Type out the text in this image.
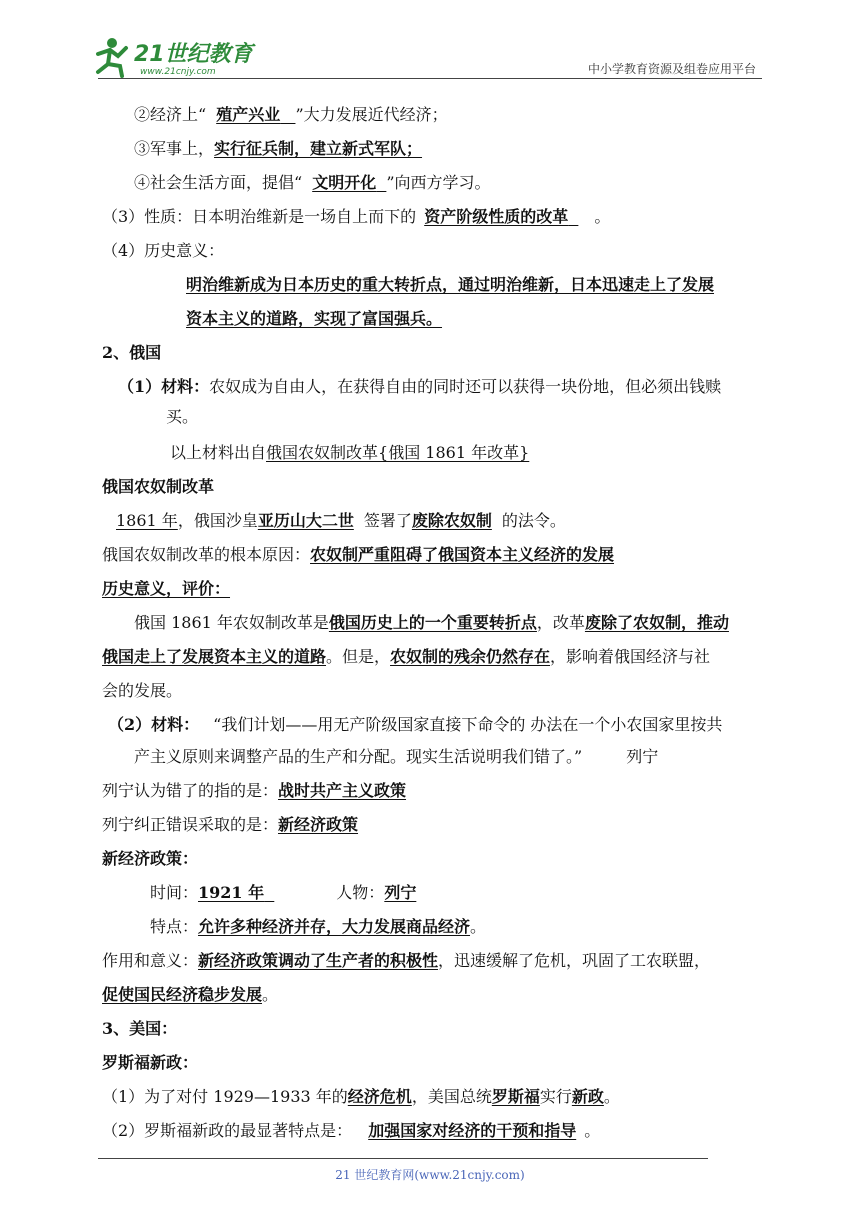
21世纪教育
www.21cnjy.com	中小学教育资源及组卷应用平台
②经济上“ 殖产兴业 ”大力发展近代经济；
③军事上，实行征兵制，建立新式军队；
④社会生活方面，提倡“ 文明开化 ”向西方学习。
（3）性质：日本明治维新是一场自上而下的 资产阶级性质的改革 。
（4）历史意义：
明治维新成为日本历史的重大转折点，通过明治维新，日本迅速走上了发展
资本主义的道路，实现了富国强兵。
2、俄国
（1）材料：农奴成为自由人，在获得自由的同时还可以获得一块份地，但必须出钱赎
买。
以上材料出自俄国农奴制改革{俄国 1861 年改革}
俄国农奴制改革
1861 年，俄国沙皇亚历山大二世 签署了废除农奴制 的法令。
俄国农奴制改革的根本原因：农奴制严重阻碍了俄国资本主义经济的发展
历史意义，评价：
俄国 1861 年农奴制改革是俄国历史上的一个重要转折点，改革废除了农奴制，推动
俄国走上了发展资本主义的道路。但是，农奴制的残余仍然存在，影响着俄国经济与社
会的发展。
（2）材料： “我们计划——用无产阶级国家直接下命令的 办法在一个小农国家里按共
产主义原则来调整产品的生产和分配。现实生活说明我们错了。”	列宁
列宁认为错了的指的是：战时共产主义政策
列宁纠正错误采取的是：新经济政策
新经济政策：
时间：1921 年	人物：列宁
特点：允许多种经济并存，大力发展商品经济。
作用和意义：新经济政策调动了生产者的积极性，迅速缓解了危机，巩固了工农联盟，
促使国民经济稳步发展。
3、美国：
罗斯福新政：
（1）为了对付 1929—1933 年的经济危机，美国总统罗斯福实行新政。
（2）罗斯福新政的最显著特点是： 加强国家对经济的干预和指导 。
21 世纪教育网(www.21cnjy.com)
